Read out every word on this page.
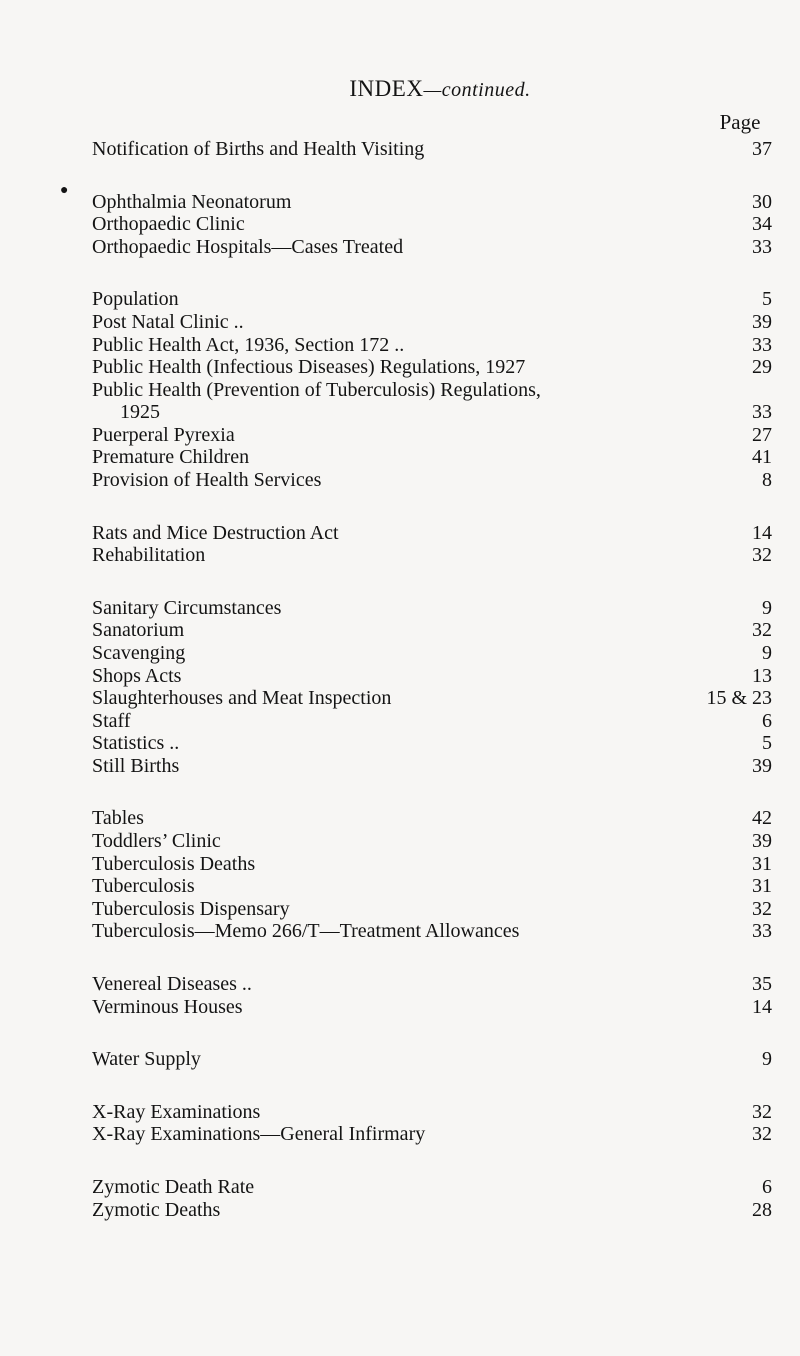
INDEX—continued.
Page
●
Notification of Births and Health Visiting	37
Ophthalmia Neonatorum	30
Orthopaedic Clinic	34
Orthopaedic Hospitals—Cases Treated	33
Population	5
Post Natal Clinic ..	39
Public Health Act, 1936, Section 172 ..	33
Public Health (Infectious Diseases) Regulations, 1927	29
Public Health (Prevention of Tuberculosis) Regulations,
1925	33
Puerperal Pyrexia	27
Premature Children	41
Provision of Health Services	8
Rats and Mice Destruction Act	14
Rehabilitation	32
Sanitary Circumstances	9
Sanatorium	32
Scavenging	9
Shops Acts	13
Slaughterhouses and Meat Inspection	15 & 23
Staff	6
Statistics ..	5
Still Births	39
Tables	42
Toddlers’ Clinic	39
Tuberculosis Deaths	31
Tuberculosis	31
Tuberculosis Dispensary	32
Tuberculosis—Memo 266/T—Treatment Allowances	33
Venereal Diseases ..	35
Verminous Houses	14
Water Supply	9
X-Ray Examinations	32
X-Ray Examinations—General Infirmary	32
Zymotic Death Rate	6
Zymotic Deaths	28
